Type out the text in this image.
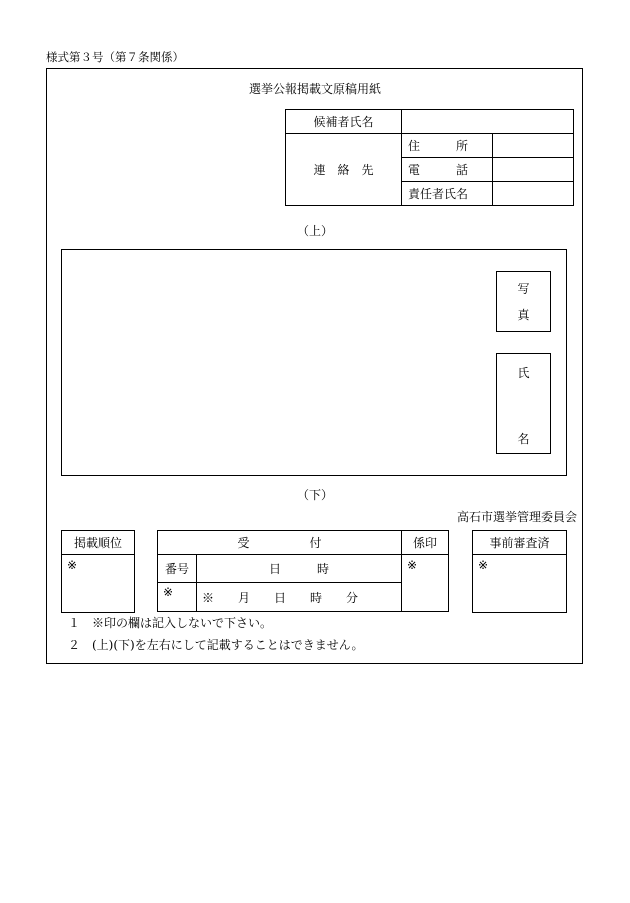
様式第３号（第７条関係）
選挙公報掲載文原稿用紙
候補者氏名		
連　絡　先	住　　　所	
	電　　　話	
	責任者氏名	
（上）
写
真
氏
名
（下）
高石市選挙管理委員会
掲載順位
※
受　　　　　付		係印
番号	日　　　時	※
※	※　　月　　日　　時　　分	
事前審査済
※
１　※印の欄は記入しないで下さい。
２　(上)(下)を左右にして記載することはできません。
